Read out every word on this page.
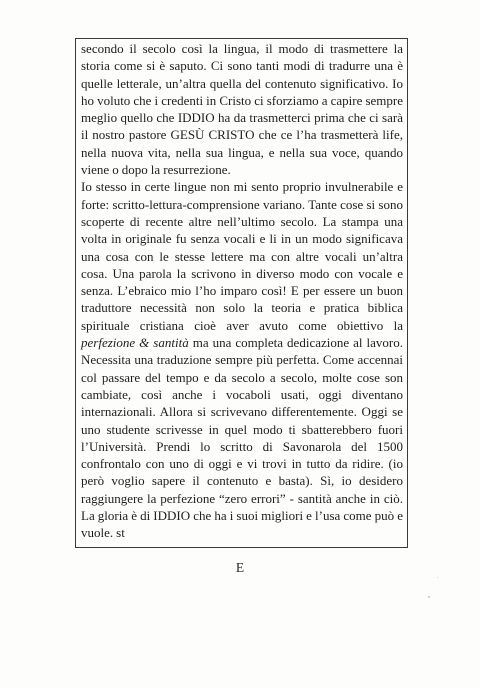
secondo il secolo così la lingua, il modo di trasmettere la storia come si è saputo. Ci sono tanti modi di tradurre una è quelle letterale, un’altra quella del contenuto significativo. Io ho voluto che i credenti in Cristo ci sforziamo a capire sempre meglio quello che IDDIO ha da trasmetterci prima che ci sarà il nostro pastore GESÙ CRISTO che ce l’ha trasmetterà life, nella nuova vita, nella sua lingua, e nella sua voce, quando viene o dopo la resurrezione.

Io stesso in certe lingue non mi sento proprio invulnerabile e forte: scritto-lettura-comprensione variano. Tante cose si sono scoperte di recente altre nell’ultimo secolo. La stampa una volta in originale fu senza vocali e li in un modo significava una cosa con le stesse lettere ma con altre vocali un’altra cosa. Una parola la scrivono in diverso modo con vocale e senza. L’ebraico mio l’ho imparo così! E per essere un buon traduttore necessità non solo la teoria e pratica biblica spirituale cristiana cioè aver avuto come obiettivo la perfezione & santità ma una completa dedicazione al lavoro. Necessita una traduzione sempre più perfetta. Come accennai col passare del tempo e da secolo a secolo, molte cose son cambiate, così anche i vocaboli usati, oggi diventano internazionali. Allora si scrivevano differentemente. Oggi se uno studente scrivesse in quel modo ti sbatterebbero fuori l’Università. Prendi lo scritto di Savonarola del 1500 confrontalo con uno di oggi e vi trovi in tutto da ridire. (io però voglio sapere il contenuto e basta). Sì, io desidero raggiungere la perfezione “zero errori” - santità anche in ciò. La gloria è di IDDIO che ha i suoi migliori e l’usa come può e vuole. st

E
